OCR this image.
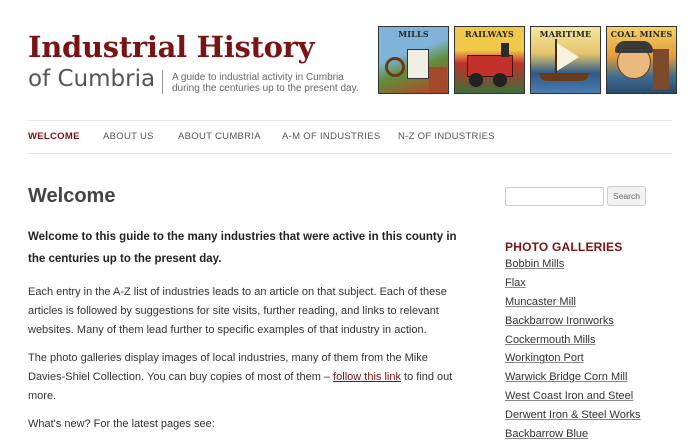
Industrial History
of Cumbria A guide to industrial activity in Cumbria
during the centuries up to the present day.
MILLS	RAILWAYS	MARITIME	COAL MINES
WELCOME	ABOUT US	ABOUT CUMBRIA	A-M OF INDUSTRIES	N-Z OF INDUSTRIES
Welcome

Welcome to this guide to the many industries that were active in this county in the centuries up to the present day.

Each entry in the A-Z list of industries leads to an article on that subject. Each of these articles is followed by suggestions for site visits, further reading, and links to relevant websites. Many of them lead further to specific examples of that industry in action.

The photo galleries display images of local industries, many of them from the Mike Davies-Shiel Collection. You can buy copies of most of them – follow this link to find out more.

What's new? For the latest pages see:

Search
PHOTO GALLERIES
Bobbin Mills
Flax
Muncaster Mill
Backbarrow Ironworks
Cockermouth Mills
Workington Port
Warwick Bridge Corn Mill
West Coast Iron and Steel
Derwent Iron & Steel Works
Backbarrow Blue
